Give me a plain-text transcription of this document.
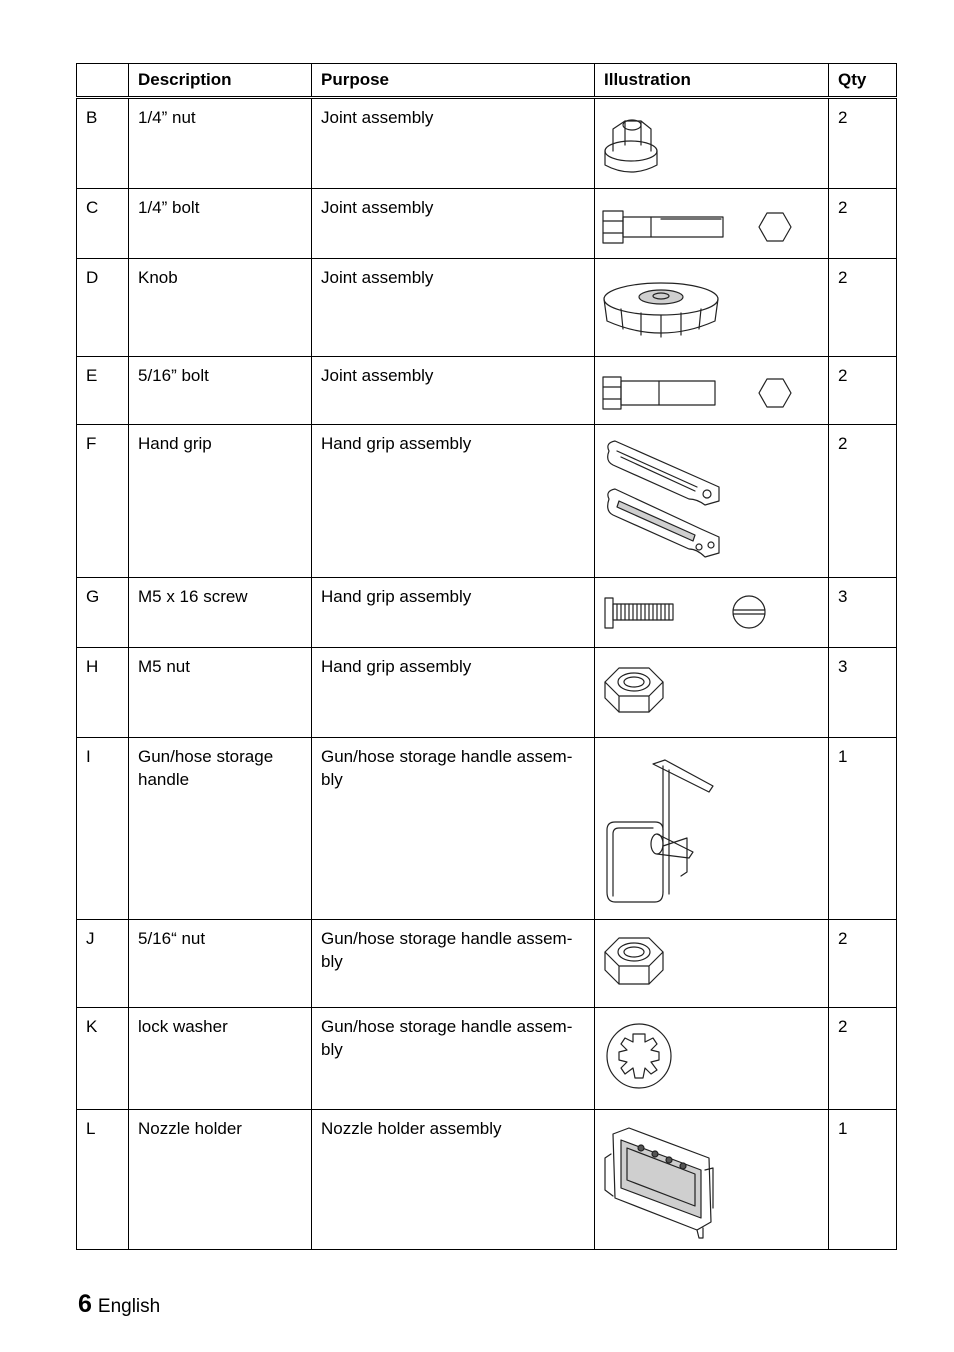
	Description	Purpose	Illustration	Qty
B	1/4” nut	Joint assembly		2
C	1/4” bolt	Joint assembly		2
D	Knob	Joint assembly		2
E	5/16” bolt	Joint assembly		2
F	Hand grip	Hand grip assembly		2
G	M5 x 16 screw	Hand grip assembly		3
H	M5 nut	Hand grip assembly		3
I	Gun/hose storage handle	Gun/hose storage handle assem-bly		1
J	5/16“ nut	Gun/hose storage handle assem-bly		2
K	lock washer	Gun/hose storage handle assem-bly		2
L	Nozzle holder	Nozzle holder assembly		1
6 English
